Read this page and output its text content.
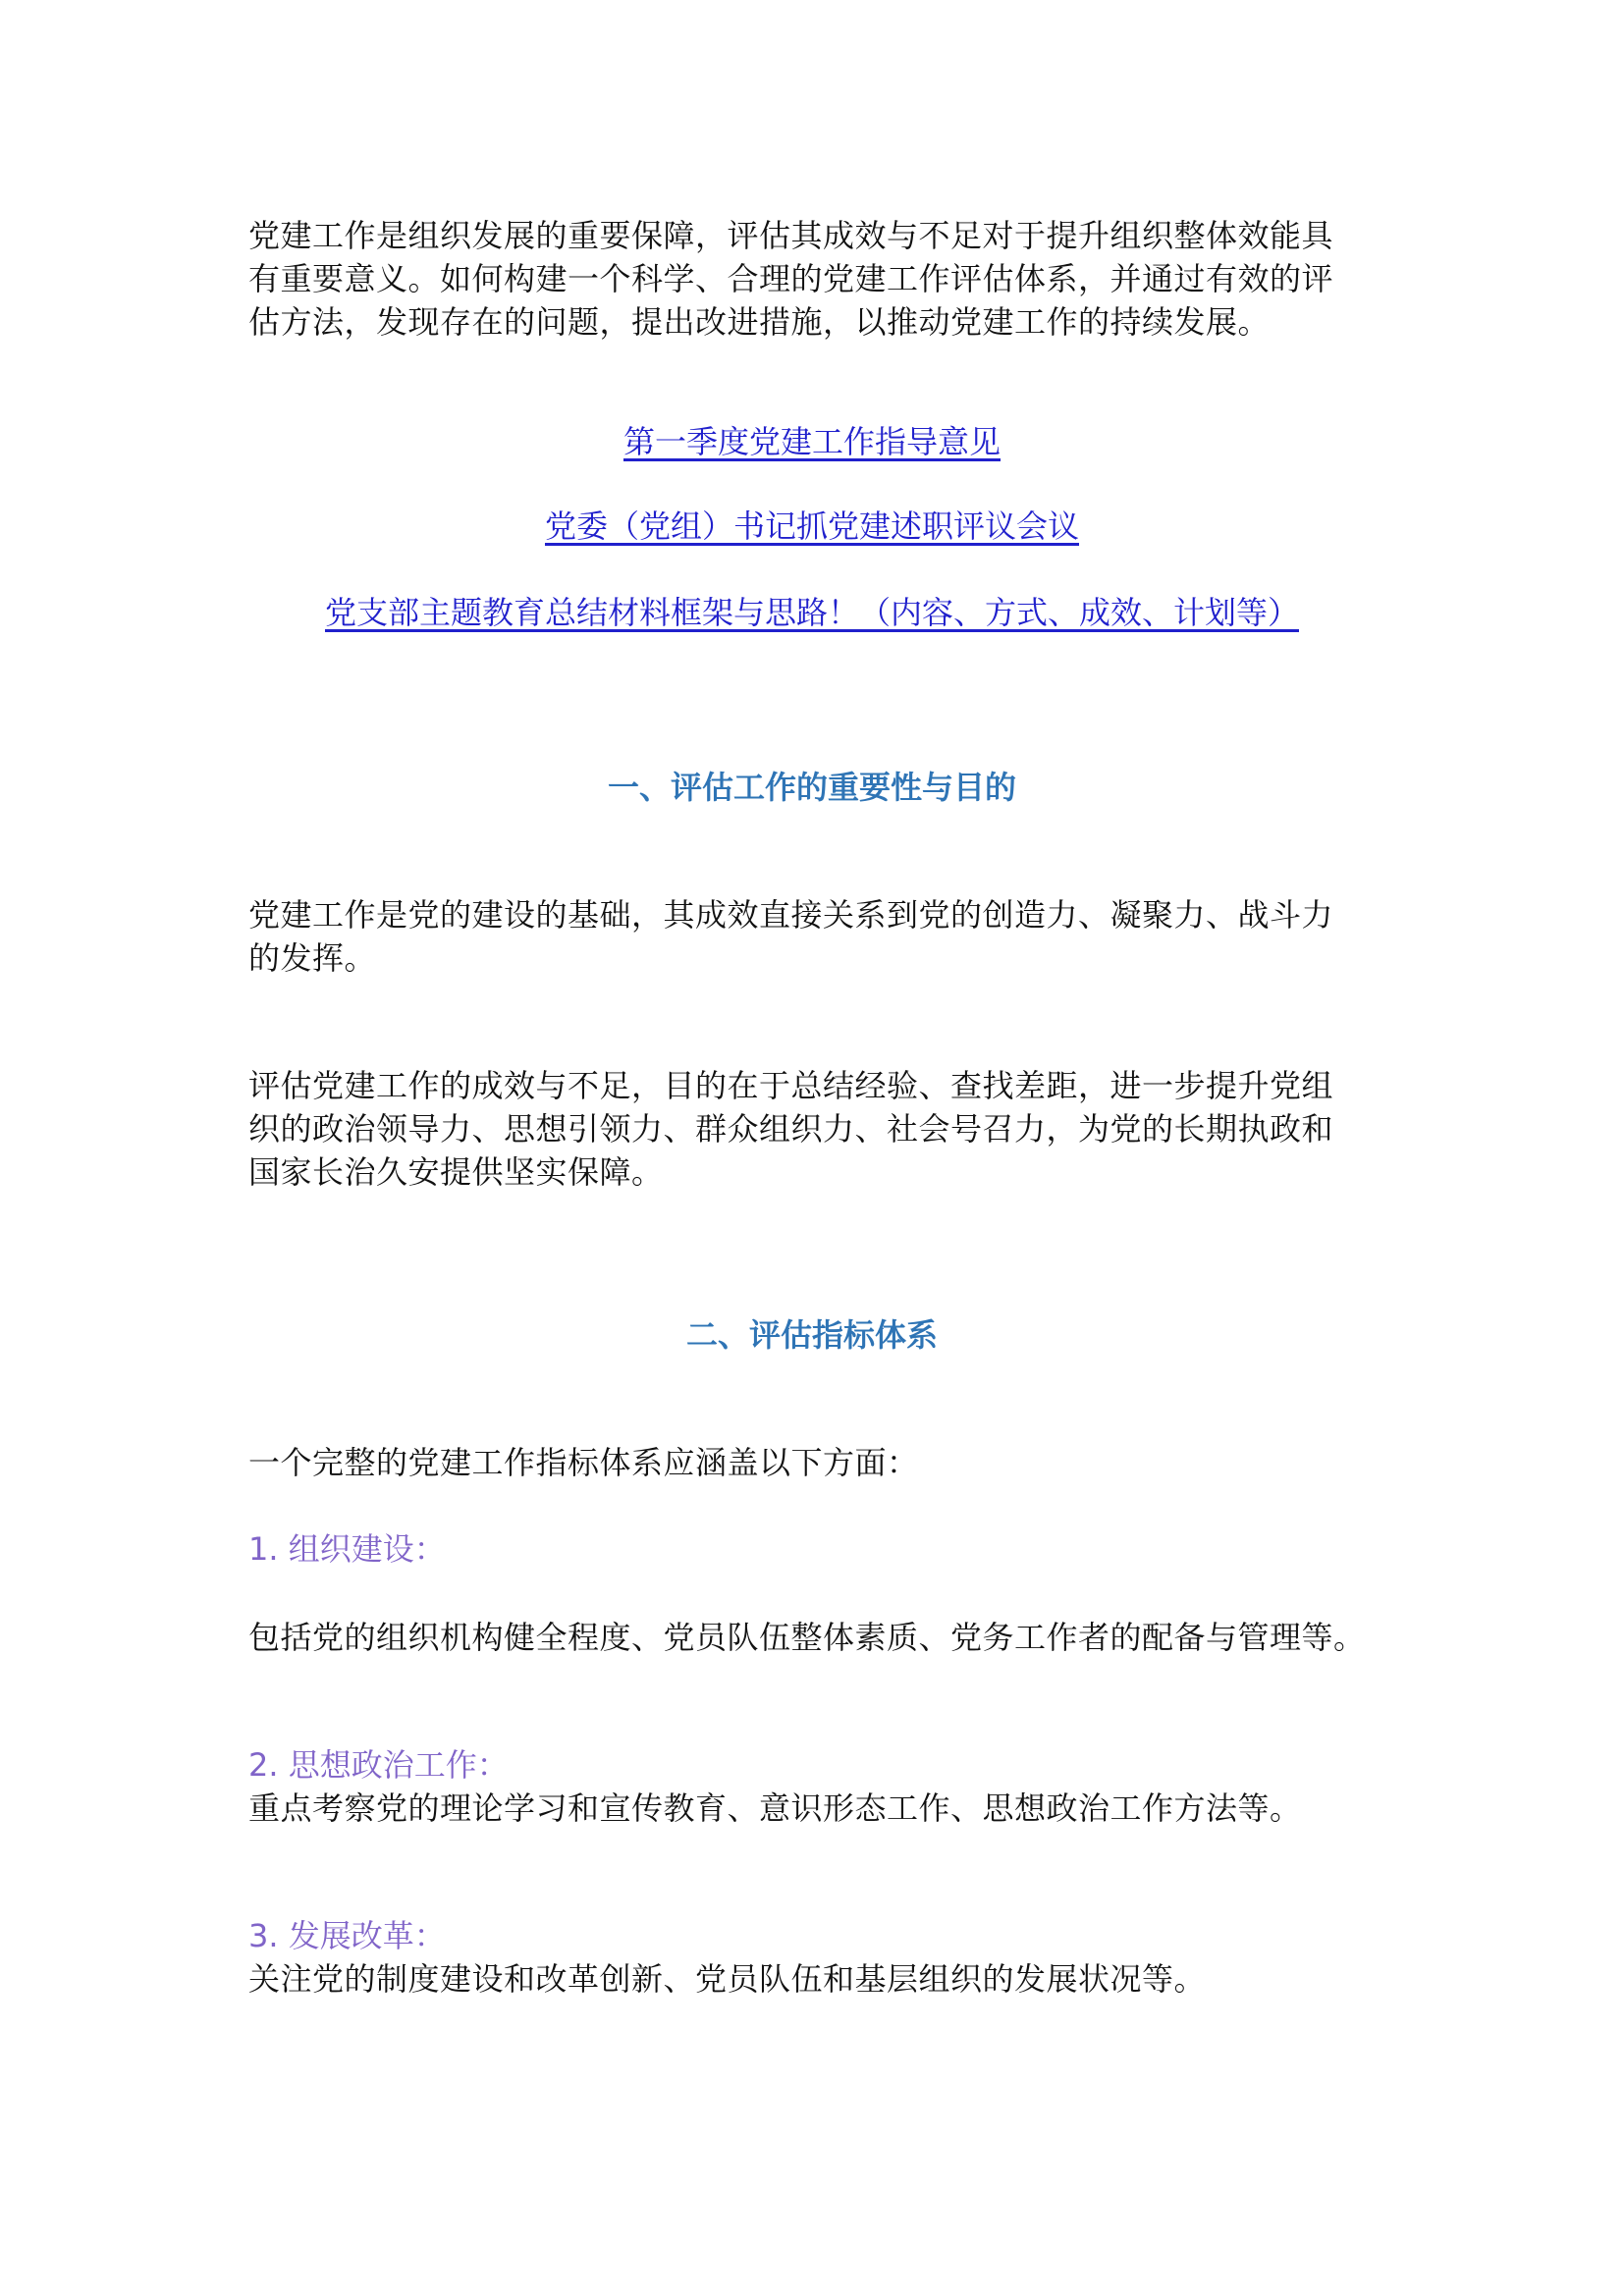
党建工作是组织发展的重要保障，评估其成效与不足对于提升组织整体效能具

有重要意义。如何构建一个科学、合理的党建工作评估体系，并通过有效的评

估方法，发现存在的问题，提出改进措施，以推动党建工作的持续发展。

第一季度党建工作指导意见
党委（党组）书记抓党建述职评议会议
党支部主题教育总结材料框架与思路！（内容、方式、成效、计划等）
一、评估工作的重要性与目的

党建工作是党的建设的基础，其成效直接关系到党的创造力、凝聚力、战斗力

的发挥。

评估党建工作的成效与不足，目的在于总结经验、查找差距，进一步提升党组

织的政治领导力、思想引领力、群众组织力、社会号召力，为党的长期执政和

国家长治久安提供坚实保障。

二、评估指标体系

一个完整的党建工作指标体系应涵盖以下方面：

1. 组织建设：

包括党的组织机构健全程度、党员队伍整体素质、党务工作者的配备与管理等。

2. 思想政治工作：

重点考察党的理论学习和宣传教育、意识形态工作、思想政治工作方法等。

3. 发展改革：

关注党的制度建设和改革创新、党员队伍和基层组织的发展状况等。
